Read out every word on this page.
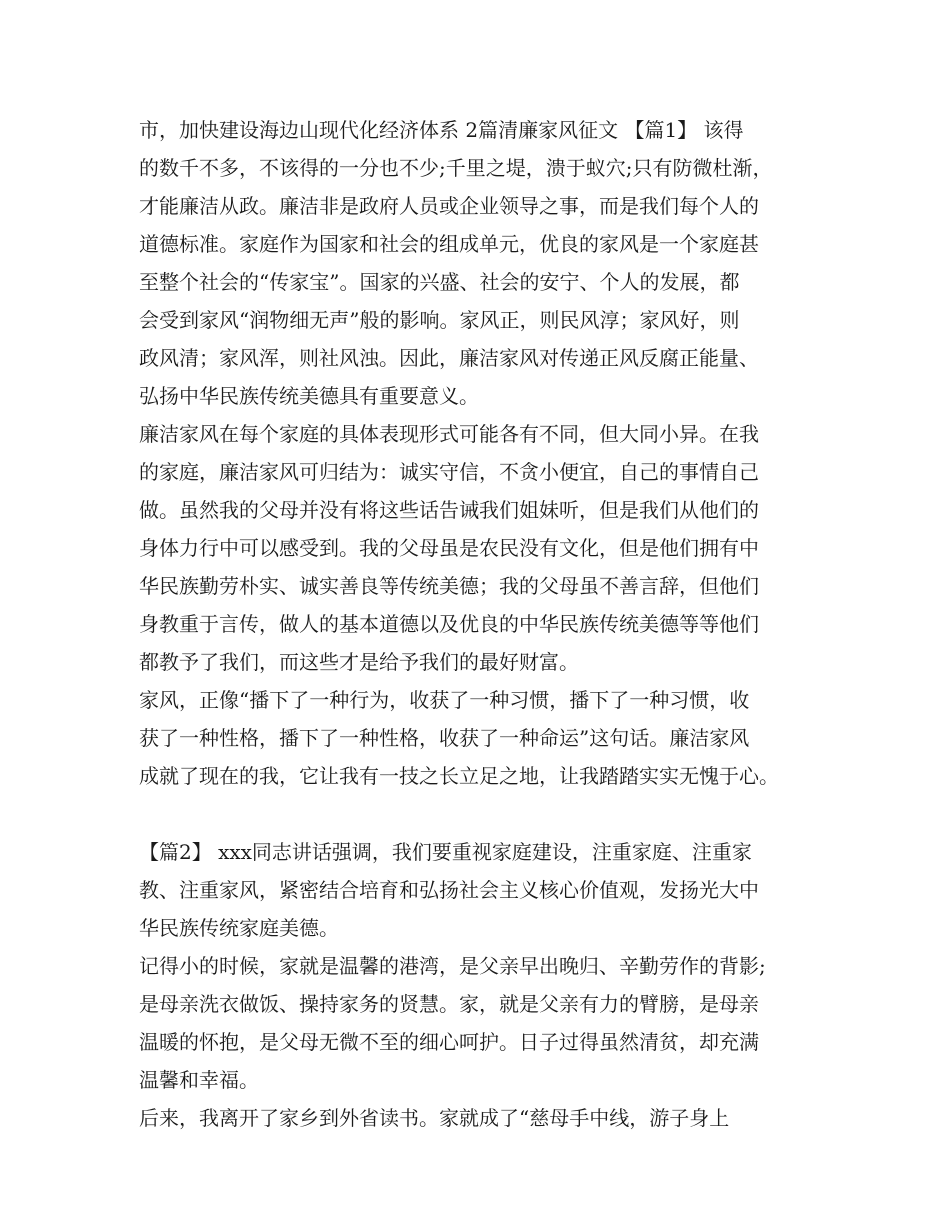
市，加快建设海边山现代化经济体系 2篇清廉家风征文 【篇1】 该得
的数千不多，不该得的一分也不少;千里之堤，溃于蚁穴;只有防微杜渐，
才能廉洁从政。廉洁非是政府人员或企业领导之事，而是我们每个人的
道德标准。家庭作为国家和社会的组成单元，优良的家风是一个家庭甚
至整个社会的“传家宝”。国家的兴盛、社会的安宁、个人的发展，都
会受到家风“润物细无声”般的影响。家风正，则民风淳；家风好，则
政风清；家风浑，则社风浊。因此，廉洁家风对传递正风反腐正能量、
弘扬中华民族传统美德具有重要意义。
廉洁家风在每个家庭的具体表现形式可能各有不同，但大同小异。在我
的家庭，廉洁家风可归结为：诚实守信，不贪小便宜，自己的事情自己
做。虽然我的父母并没有将这些话告诫我们姐妹听，但是我们从他们的
身体力行中可以感受到。我的父母虽是农民没有文化，但是他们拥有中
华民族勤劳朴实、诚实善良等传统美德；我的父母虽不善言辞，但他们
身教重于言传，做人的基本道德以及优良的中华民族传统美德等等他们
都教予了我们，而这些才是给予我们的最好财富。
家风，正像“播下了一种行为，收获了一种习惯，播下了一种习惯，收
获了一种性格，播下了一种性格，收获了一种命运”这句话。廉洁家风
成就了现在的我，它让我有一技之长立足之地，让我踏踏实实无愧于心。
【篇2】 xxx同志讲话强调，我们要重视家庭建设，注重家庭、注重家
教、注重家风，紧密结合培育和弘扬社会主义核心价值观，发扬光大中
华民族传统家庭美德。
记得小的时候，家就是温馨的港湾，是父亲早出晚归、辛勤劳作的背影;
是母亲洗衣做饭、操持家务的贤慧。家，就是父亲有力的臂膀，是母亲
温暖的怀抱，是父母无微不至的细心呵护。日子过得虽然清贫，却充满
温馨和幸福。
后来，我离开了家乡到外省读书。家就成了“慈母手中线，游子身上
